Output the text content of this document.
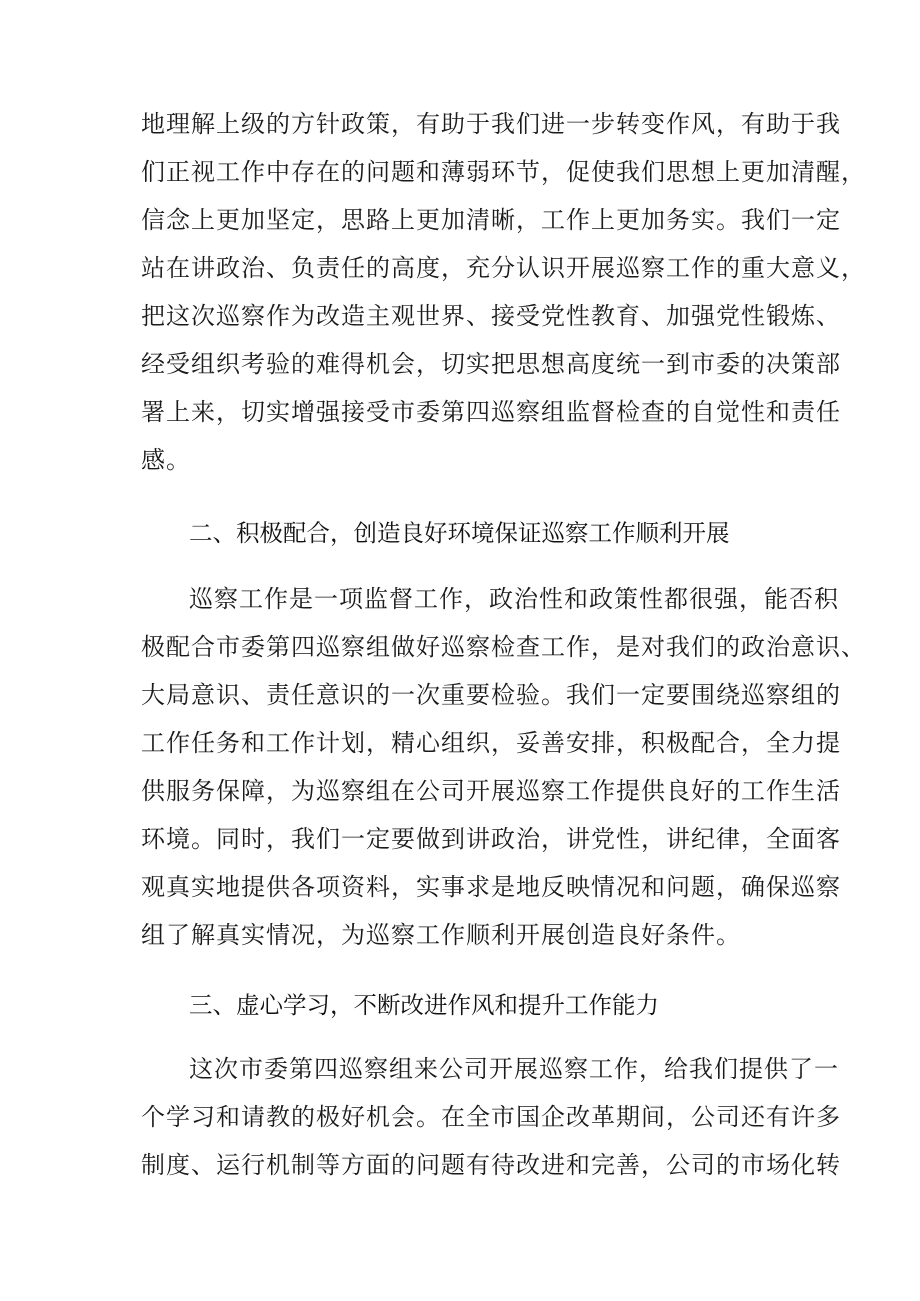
地理解上级的方针政策，有助于我们进一步转变作风，有助于我
们正视工作中存在的问题和薄弱环节，促使我们思想上更加清醒，
信念上更加坚定，思路上更加清晰，工作上更加务实。我们一定
站在讲政治、负责任的高度，充分认识开展巡察工作的重大意义，
把这次巡察作为改造主观世界、接受党性教育、加强党性锻炼、
经受组织考验的难得机会，切实把思想高度统一到市委的决策部
署上来，切实增强接受市委第四巡察组监督检查的自觉性和责任
感。
二、积极配合，创造良好环境保证巡察工作顺利开展
巡察工作是一项监督工作，政治性和政策性都很强，能否积
极配合市委第四巡察组做好巡察检查工作，是对我们的政治意识、
大局意识、责任意识的一次重要检验。我们一定要围绕巡察组的
工作任务和工作计划，精心组织，妥善安排，积极配合，全力提
供服务保障，为巡察组在公司开展巡察工作提供良好的工作生活
环境。同时，我们一定要做到讲政治，讲党性，讲纪律，全面客
观真实地提供各项资料，实事求是地反映情况和问题，确保巡察
组了解真实情况，为巡察工作顺利开展创造良好条件。
三、虚心学习，不断改进作风和提升工作能力
这次市委第四巡察组来公司开展巡察工作，给我们提供了一
个学习和请教的极好机会。在全市国企改革期间，公司还有许多
制度、运行机制等方面的问题有待改进和完善，公司的市场化转
